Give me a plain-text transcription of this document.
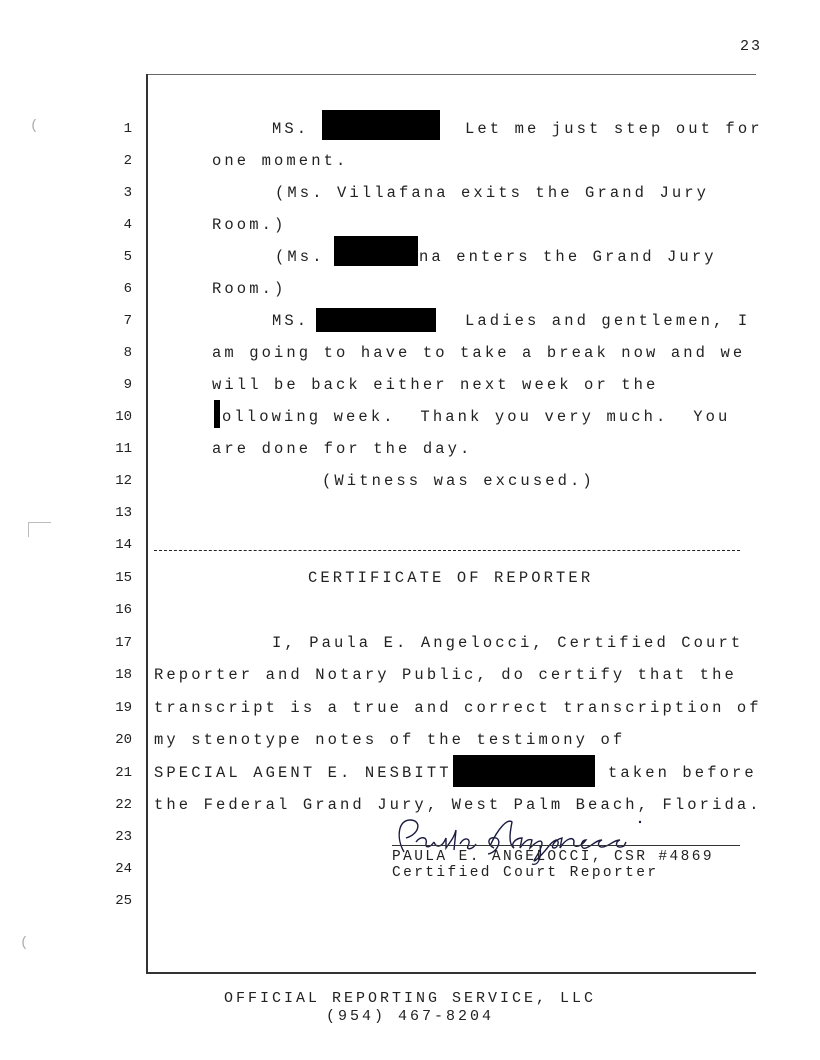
23
(
(
1
2
3
4
5
6
7
8
9
10
11
12
13
14
15
16
17
18
19
20
21
22
23
24
25
MS.	Let me just step out for
one moment.
(Ms. Villafana exits the Grand Jury
Room.)
(Ms.	na enters the Grand Jury
Room.)
MS.	Ladies and gentlemen, I
am going to have to take a break now and we
will be back either next week or the
ollowing week.  Thank you very much.  You
are done for the day.
(Witness was excused.)
CERTIFICATE OF REPORTER
I, Paula E. Angelocci, Certified Court
Reporter and Notary Public, do certify that the
transcript is a true and correct transcription of
my stenotype notes of the testimony of
SPECIAL AGENT E. NESBITT	taken before
the Federal Grand Jury, West Palm Beach, Florida.
PAULA E. ANGELOCCI, CSR #4869
Certified Court Reporter
OFFICIAL REPORTING SERVICE, LLC
(954) 467-8204
